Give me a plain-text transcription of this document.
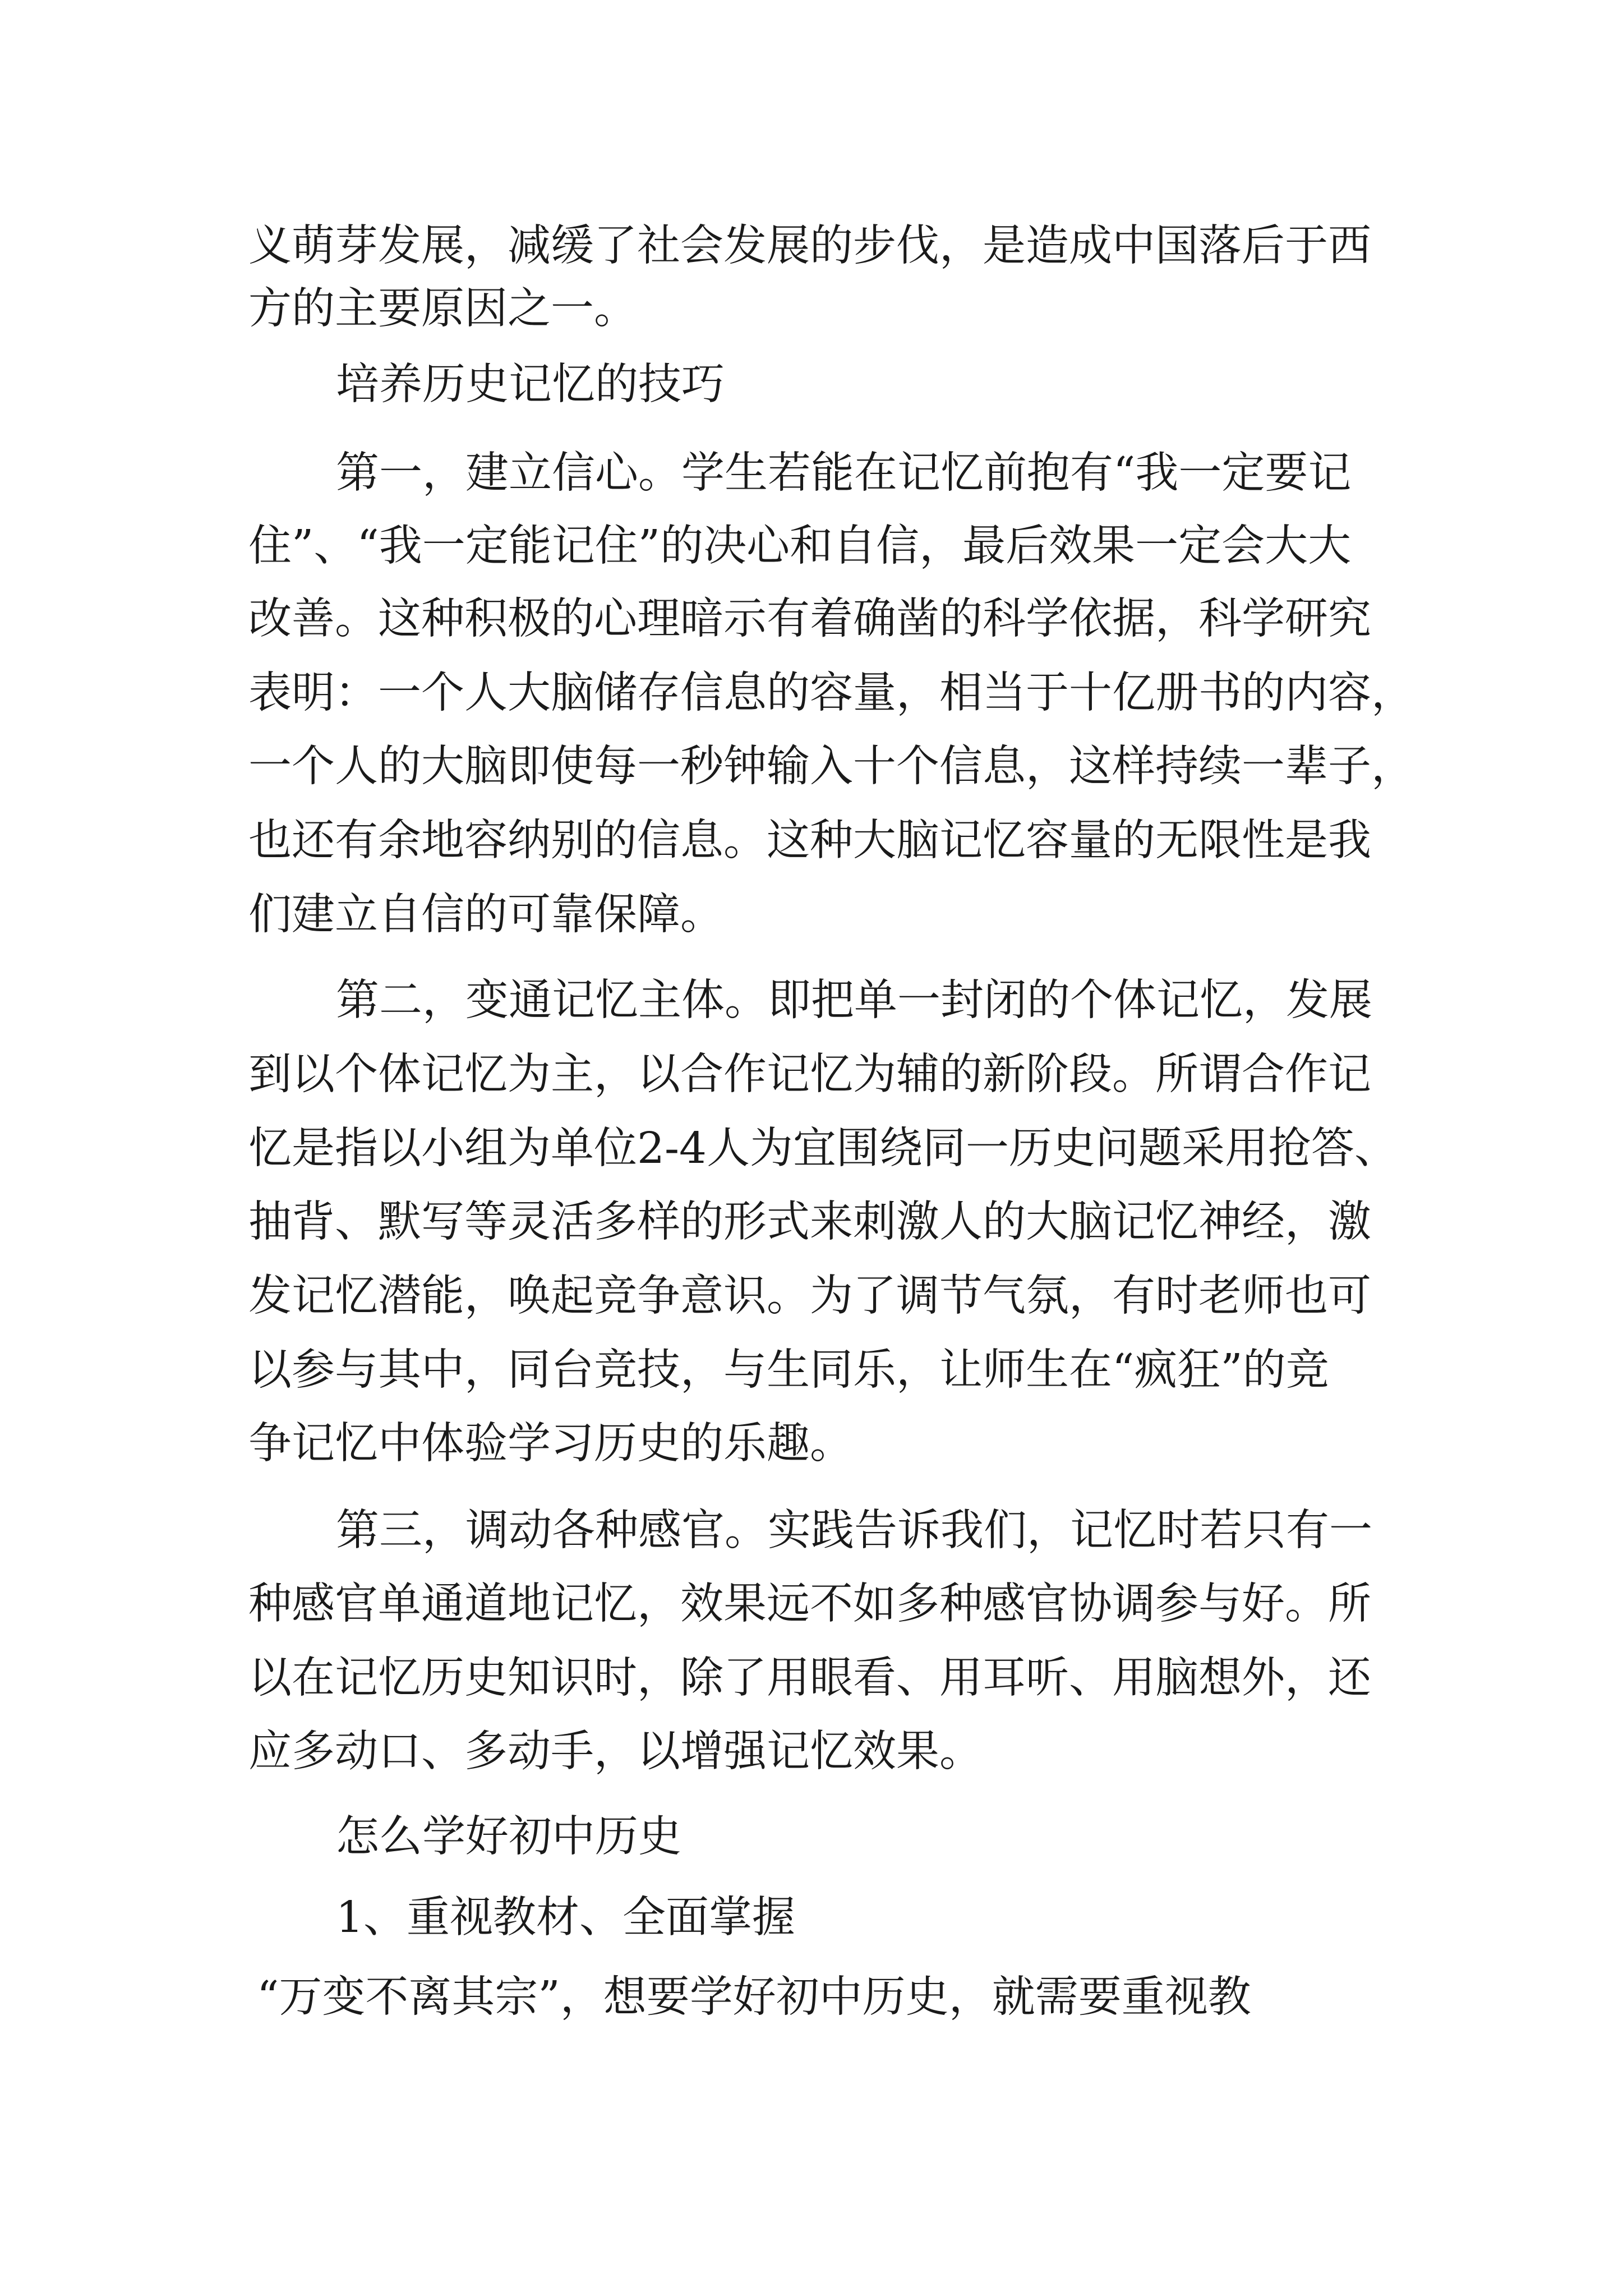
义萌芽发展，减缓了社会发展的步伐，是造成中国落后于西

方的主要原因之一。

培养历史记忆的技巧

第一，建立信心。学生若能在记忆前抱有“我一定要记

住”、“我一定能记住”的决心和自信，最后效果一定会大大

改善。这种积极的心理暗示有着确凿的科学依据，科学研究

表明：一个人大脑储存信息的容量，相当于十亿册书的内容，

一个人的大脑即使每一秒钟输入十个信息，这样持续一辈子，

也还有余地容纳别的信息。这种大脑记忆容量的无限性是我

们建立自信的可靠保障。

第二，变通记忆主体。即把单一封闭的个体记忆，发展

到以个体记忆为主，以合作记忆为辅的新阶段。所谓合作记

忆是指以小组为单位2-4人为宜围绕同一历史问题采用抢答、

抽背、默写等灵活多样的形式来刺激人的大脑记忆神经，激

发记忆潜能，唤起竞争意识。为了调节气氛，有时老师也可

以参与其中，同台竞技，与生同乐，让师生在“疯狂”的竞

争记忆中体验学习历史的乐趣。

第三，调动各种感官。实践告诉我们，记忆时若只有一

种感官单通道地记忆，效果远不如多种感官协调参与好。所

以在记忆历史知识时，除了用眼看、用耳听、用脑想外，还

应多动口、多动手，以增强记忆效果。

怎么学好初中历史

1、重视教材、全面掌握

“万变不离其宗”，想要学好初中历史，就需要重视教
